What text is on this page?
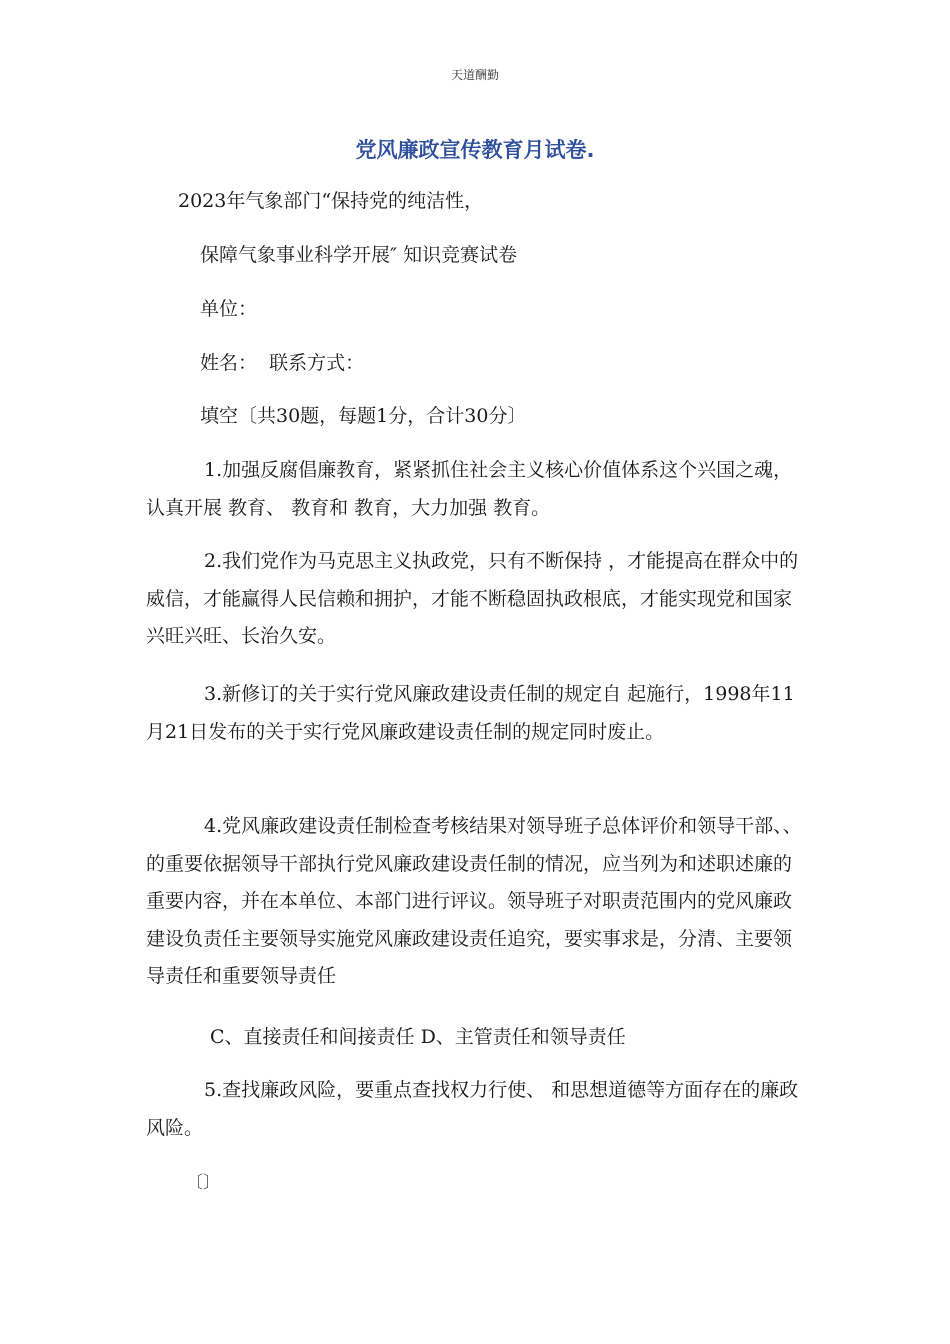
天道酬勤
党风廉政宣传教育月试卷.
2023年气象部门“保持党的纯洁性，
保障气象事业科学开展″ 知识竞赛试卷
单位：
姓名：  联系方式：
填空〔共30题，每题1分，合计30分〕
1.加强反腐倡廉教育，紧紧抓住社会主义核心价值体系这个兴国之魂，认真开展 教育、 教育和 教育，大力加强 教育。
2.我们党作为马克思主义执政党，只有不断保持 ，才能提高在群众中的威信，才能赢得人民信赖和拥护，才能不断稳固执政根底，才能实现党和国家兴旺兴旺、长治久安。
3.新修订的关于实行党风廉政建设责任制的规定自 起施行，1998年11月21日发布的关于实行党风廉政建设责任制的规定同时废止。
4.党风廉政建设责任制检查考核结果对领导班子总体评价和领导干部、、的重要依据领导干部执行党风廉政建设责任制的情况，应当列为和述职述廉的重要内容，并在本单位、本部门进行评议。领导班子对职责范围内的党风廉政建设负责任主要领导实施党风廉政建设责任追究，要实事求是，分清、主要领导责任和重要领导责任
C、直接责任和间接责任 D、主管责任和领导责任
5.查找廉政风险，要重点查找权力行使、 和思想道德等方面存在的廉政风险。
〔〕
